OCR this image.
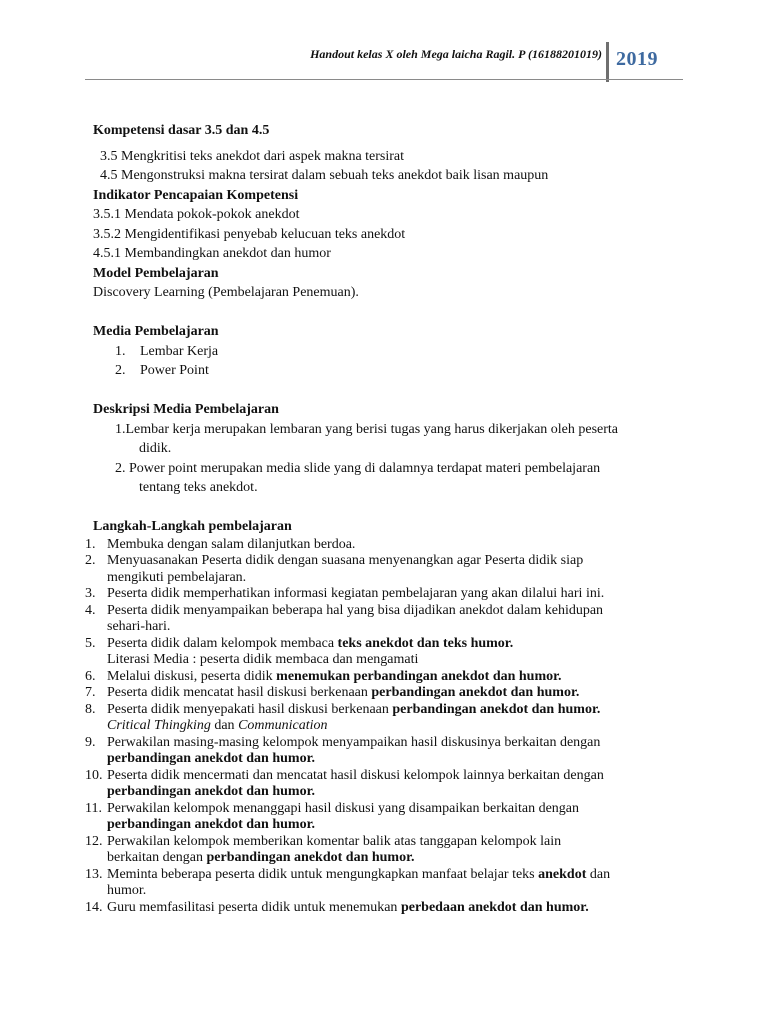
Handout kelas X oleh Mega laicha Ragil. P (16188201019) 2019
Kompetensi dasar 3.5 dan 4.5
3.5 Mengkritisi teks anekdot dari aspek makna tersirat
4.5 Mengonstruksi makna tersirat dalam sebuah teks anekdot baik lisan maupun
Indikator Pencapaian Kompetensi
3.5.1 Mendata pokok-pokok anekdot
3.5.2 Mengidentifikasi penyebab kelucuan teks anekdot
4.5.1 Membandingkan anekdot dan humor
Model Pembelajaran
Discovery Learning (Pembelajaran Penemuan).
Media Pembelajaran
1.	Lembar Kerja
2.	Power Point
Deskripsi Media Pembelajaran
1.Lembar kerja merupakan lembaran yang berisi tugas yang harus dikerjakan oleh peserta
didik.
2. Power point merupakan media slide yang di dalamnya terdapat materi pembelajaran
tentang teks anekdot.
Langkah-Langkah pembelajaran
1. Membuka dengan salam dilanjutkan berdoa.
2. Menyuasanakan Peserta didik dengan suasana menyenangkan agar Peserta didik siap
mengikuti pembelajaran.
3. Peserta didik memperhatikan informasi kegiatan pembelajaran yang akan dilalui hari ini.
4. Peserta didik menyampaikan beberapa hal yang bisa dijadikan anekdot dalam kehidupan
sehari-hari.
5. Peserta didik dalam kelompok membaca teks anekdot dan teks humor.
Literasi Media : peserta didik membaca dan mengamati
6. Melalui diskusi, peserta didik menemukan perbandingan anekdot dan humor.
7. Peserta didik mencatat hasil diskusi berkenaan perbandingan anekdot dan humor.
8. Peserta didik menyepakati hasil diskusi berkenaan perbandingan anekdot dan humor.
Critical Thingking dan Communication
9. Perwakilan masing-masing kelompok menyampaikan hasil diskusinya berkaitan dengan
perbandingan anekdot dan humor.
10. Peserta didik mencermati dan mencatat hasil diskusi kelompok lainnya berkaitan dengan
perbandingan anekdot dan humor.
11. Perwakilan kelompok menanggapi hasil diskusi yang disampaikan berkaitan dengan
perbandingan anekdot dan humor.
12. Perwakilan kelompok memberikan komentar balik atas tanggapan kelompok lain
berkaitan dengan perbandingan anekdot dan humor.
13. Meminta beberapa peserta didik untuk mengungkapkan manfaat belajar teks anekdot dan
humor.
14. Guru memfasilitasi peserta didik untuk menemukan perbedaan anekdot dan humor.
